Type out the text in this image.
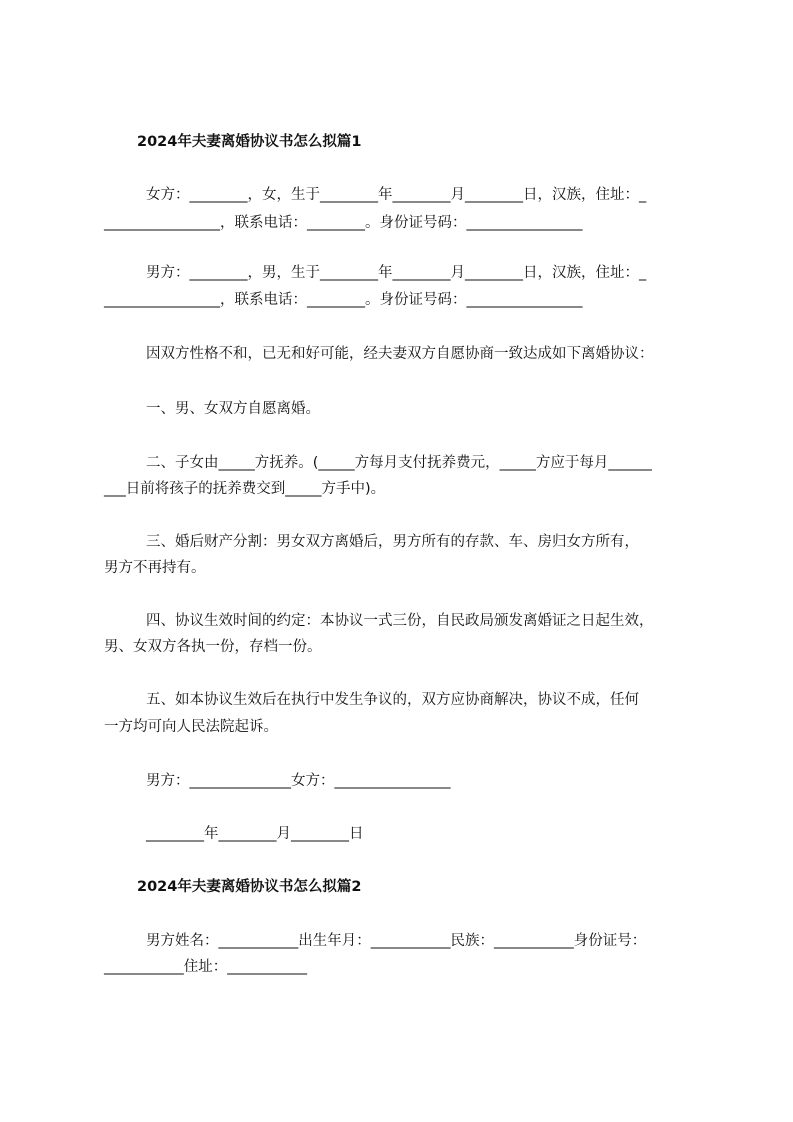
2024年夫妻离婚协议书怎么拟篇1
女方：________，女，生于________年________月________日，汉族，住址：_
________________，联系电话：________。身份证号码：________________
男方：________，男，生于________年________月________日，汉族，住址：_
________________，联系电话：________。身份证号码：________________
因双方性格不和，已无和好可能，经夫妻双方自愿协商一致达成如下离婚协议：
一、男、女双方自愿离婚。
二、子女由_____方抚养。(_____方每月支付抚养费元，_____方应于每月______
___日前将孩子的抚养费交到_____方手中)。
三、婚后财产分割：男女双方离婚后，男方所有的存款、车、房归女方所有，
男方不再持有。
四、协议生效时间的约定：本协议一式三份，自民政局颁发离婚证之日起生效，
男、女双方各执一份，存档一份。
五、如本协议生效后在执行中发生争议的，双方应协商解决，协议不成，任何
一方均可向人民法院起诉。
男方：______________女方：________________
________年________月________日
2024年夫妻离婚协议书怎么拟篇2
男方姓名：___________出生年月：___________民族：___________身份证号：
___________住址：___________
